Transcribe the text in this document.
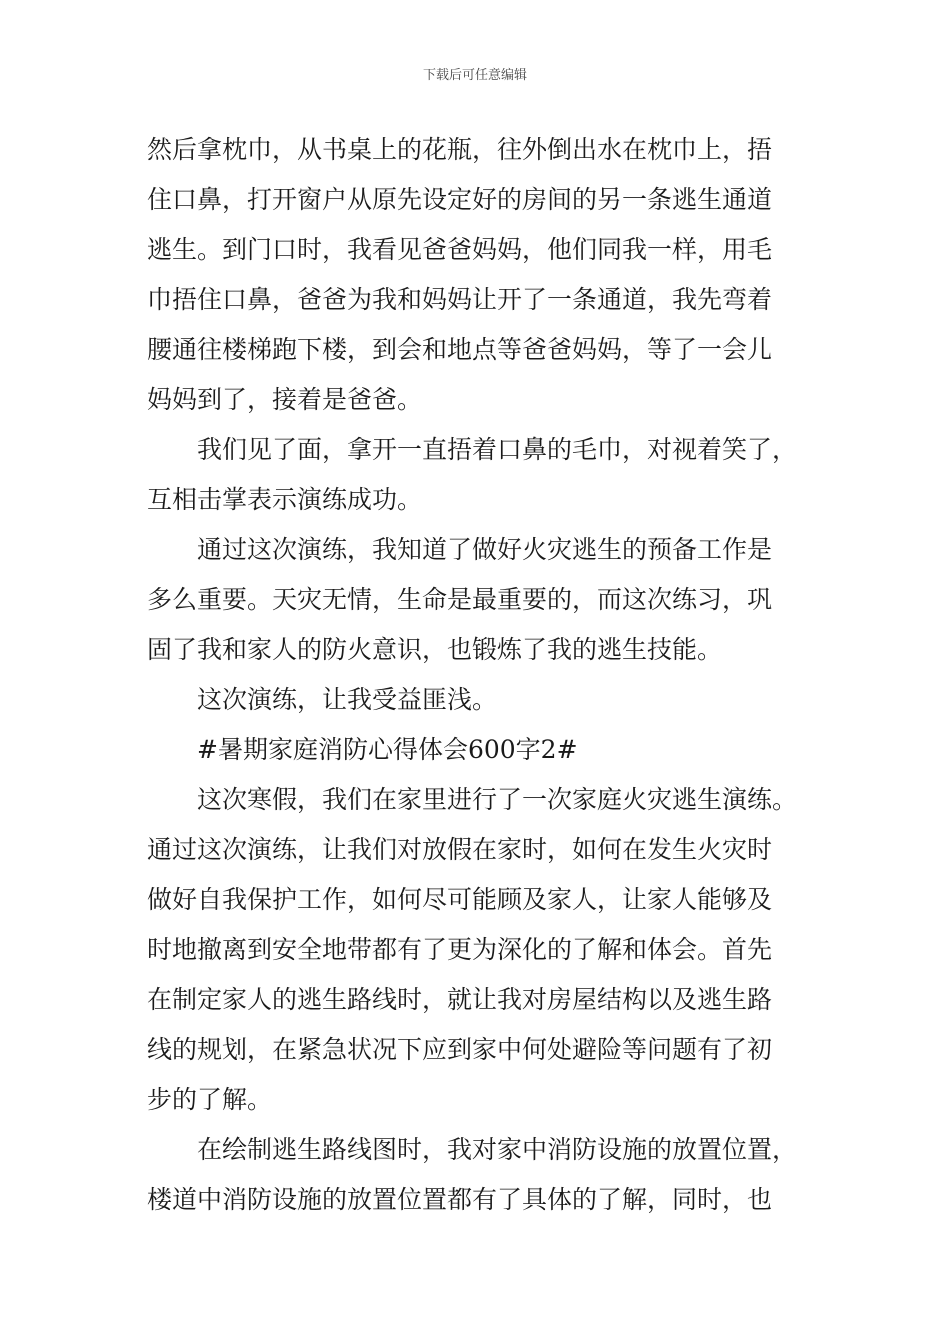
下载后可任意编辑
然后拿枕巾，从书桌上的花瓶，往外倒出水在枕巾上，捂
住口鼻，打开窗户从原先设定好的房间的另一条逃生通道
逃生。到门口时，我看见爸爸妈妈，他们同我一样，用毛
巾捂住口鼻，爸爸为我和妈妈让开了一条通道，我先弯着
腰通往楼梯跑下楼，到会和地点等爸爸妈妈，等了一会儿
妈妈到了，接着是爸爸。
我们见了面，拿开一直捂着口鼻的毛巾，对视着笑了，
互相击掌表示演练成功。
通过这次演练，我知道了做好火灾逃生的预备工作是
多么重要。天灾无情，生命是最重要的，而这次练习，巩
固了我和家人的防火意识，也锻炼了我的逃生技能。
这次演练，让我受益匪浅。
#暑期家庭消防心得体会600字2#
这次寒假，我们在家里进行了一次家庭火灾逃生演练。
通过这次演练，让我们对放假在家时，如何在发生火灾时
做好自我保护工作，如何尽可能顾及家人，让家人能够及
时地撤离到安全地带都有了更为深化的了解和体会。首先
在制定家人的逃生路线时，就让我对房屋结构以及逃生路
线的规划，在紧急状况下应到家中何处避险等问题有了初
步的了解。
在绘制逃生路线图时，我对家中消防设施的放置位置，
楼道中消防设施的放置位置都有了具体的了解，同时，也
